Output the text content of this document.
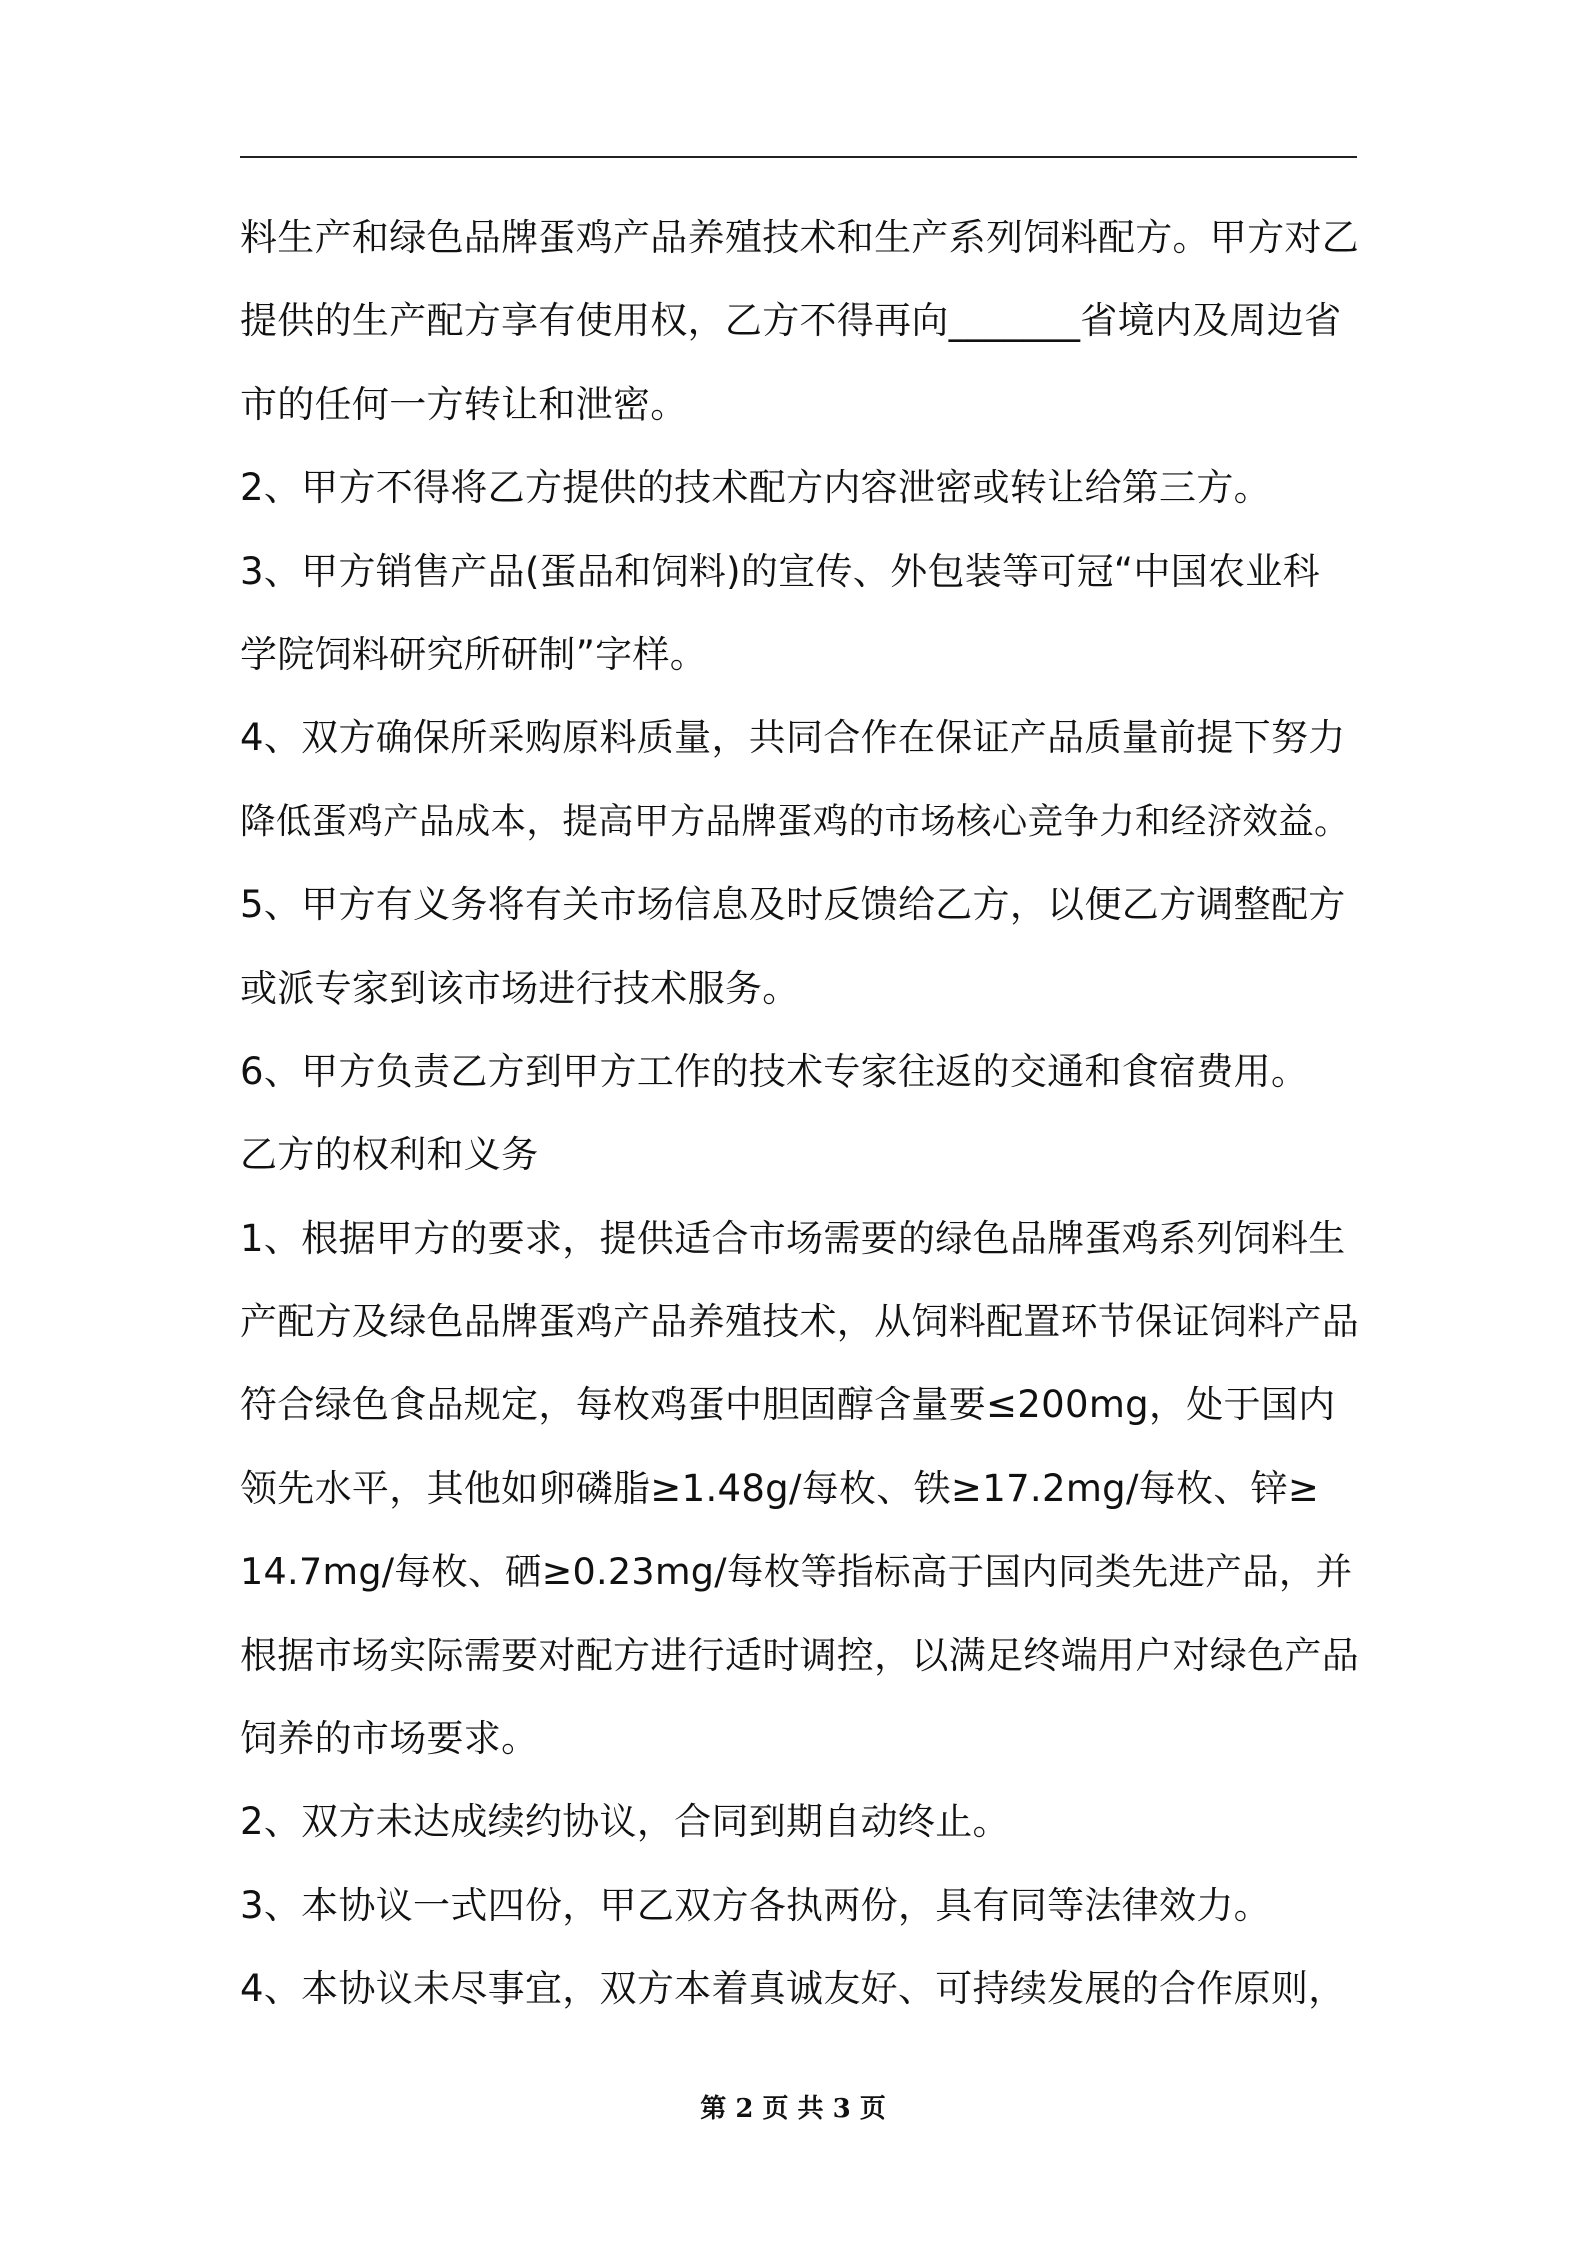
料生产和绿色品牌蛋鸡产品养殖技术和生产系列饲料配方。甲方对乙
提供的生产配方享有使用权，乙方不得再向_______省境内及周边省
市的任何一方转让和泄密。
2、甲方不得将乙方提供的技术配方内容泄密或转让给第三方。
3、甲方销售产品(蛋品和饲料)的宣传、外包装等可冠“中国农业科
学院饲料研究所研制”字样。
4、双方确保所采购原料质量，共同合作在保证产品质量前提下努力
降低蛋鸡产品成本，提高甲方品牌蛋鸡的市场核心竞争力和经济效益。
5、甲方有义务将有关市场信息及时反馈给乙方，以便乙方调整配方
或派专家到该市场进行技术服务。
6、甲方负责乙方到甲方工作的技术专家往返的交通和食宿费用。
乙方的权利和义务
1、根据甲方的要求，提供适合市场需要的绿色品牌蛋鸡系列饲料生
产配方及绿色品牌蛋鸡产品养殖技术，从饲料配置环节保证饲料产品
符合绿色食品规定，每枚鸡蛋中胆固醇含量要≤200mg，处于国内
领先水平，其他如卵磷脂≥1.48g/每枚、铁≥17.2mg/每枚、锌≥
14.7mg/每枚、硒≥0.23mg/每枚等指标高于国内同类先进产品，并
根据市场实际需要对配方进行适时调控，以满足终端用户对绿色产品
饲养的市场要求。
2、双方未达成续约协议，合同到期自动终止。
3、本协议一式四份，甲乙双方各执两份，具有同等法律效力。
4、本协议未尽事宜，双方本着真诚友好、可持续发展的合作原则，
第 2 页 共 3 页
